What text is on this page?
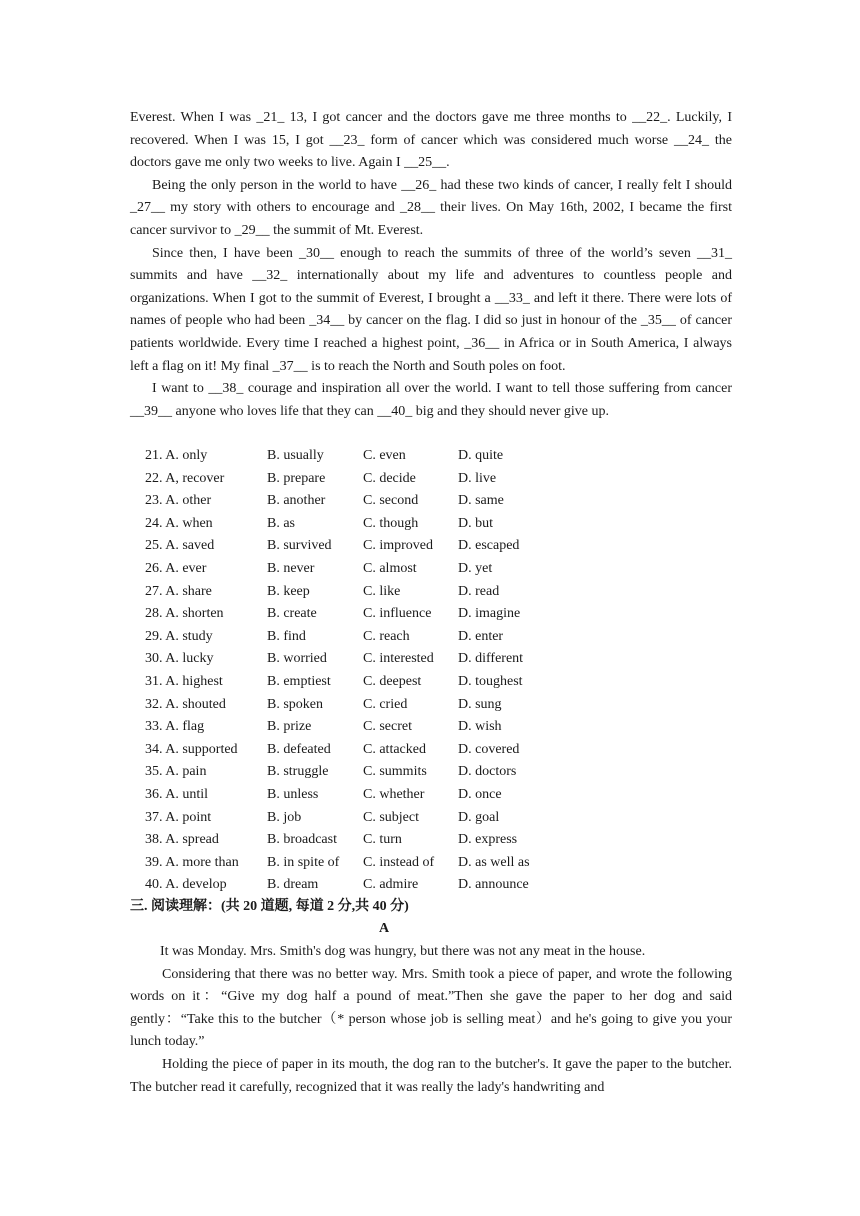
Everest. When I was _21_ 13, I got cancer and the doctors gave me three months to __22_. Luckily, I recovered. When I was 15, I got __23_ form of cancer which was considered much worse __24_ the doctors gave me only two weeks to live. Again I __25__.

Being the only person in the world to have __26_ had these two kinds of cancer, I really felt I should _27__ my story with others to encourage and _28__ their lives. On May 16th, 2002, I became the first cancer survivor to _29__ the summit of Mt. Everest.

Since then, I have been _30__ enough to reach the summits of three of the world’s seven __31_ summits and have __32_ internationally about my life and adventures to countless people and organizations. When I got to the summit of Everest, I brought a __33_ and left it there. There were lots of names of people who had been _34__ by cancer on the flag. I did so just in honour of the _35__ of cancer patients worldwide. Every time I reached a highest point, _36__ in Africa or in South America, I always left a flag on it! My final _37__ is to reach the North and South poles on foot.

I want to __38_ courage and inspiration all over the world. I want to tell those suffering from cancer __39__ anyone who loves life that they can __40_ big and they should never give up.

21. A. only	B. usually	C. even	D. quite
22. A, recover	B. prepare	C. decide	D. live
23. A. other	B. another	C. second	D. same
24. A. when	B. as	C. though	D. but
25. A. saved	B. survived C. improved D. escaped
26. A. ever	B. never	C. almost	D. yet
27. A. share	B. keep	C. like	D. read
28. A. shorten	B. create	C. influence D. imagine
29. A. study	B. find	C. reach	D. enter
30. A. lucky	B. worried	C. interested D. different
31. A. highest	B. emptiest C. deepest	D. toughest
32. A. shouted	B. spoken	C. cried	D. sung
33. A. flag	B. prize	C. secret	D. wish
34. A. supported B. defeated C. attacked D. covered
35. A. pain	B. struggle C. summits D. doctors
36. A. until	B. unless	C. whether D. once
37. A. point	B. job	C. subject	D. goal
38. A. spread	B. broadcast C. turn	D. express
39. A. more than B. in spite of C. instead of D. as well as
40. A. develop	B. dream	C. admire	D. announce

三. 阅读理解：(共 20 道题, 每道 2 分,共 40 分)

A

It was Monday. Mrs. Smith's dog was hungry, but there was not any meat in the house.

Considering that there was no better way. Mrs. Smith took a piece of paper, and wrote the following words on it：“Give my dog half a pound of meat.”Then she gave the paper to her dog and said gently：“Take this to the butcher（* person whose job is selling meat）and he's going to give you your lunch today.”

Holding the piece of paper in its mouth, the dog ran to the butcher's. It gave the paper to the butcher. The butcher read it carefully, recognized that it was really the lady's handwriting and
